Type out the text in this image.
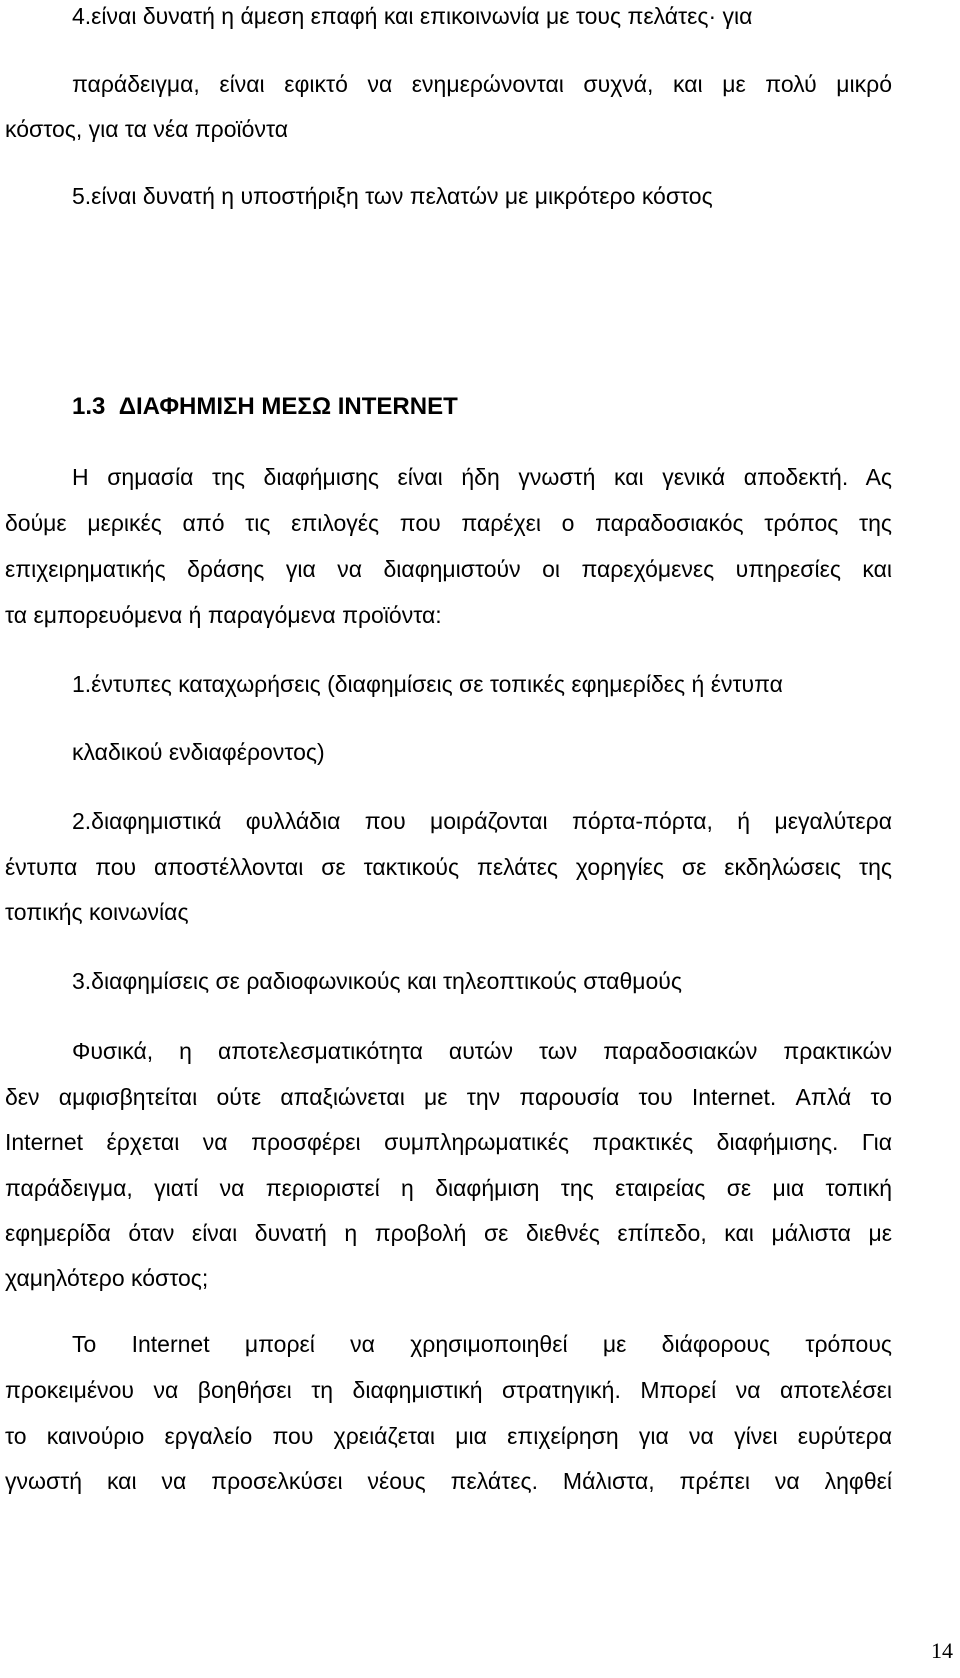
4.είναι δυνατή η άμεση επαφή και επικοινωνία με τους πελάτες· για
παράδειγμα, είναι εφικτό να ενημερώνονται συχνά, και με πολύ μικρό
κόστος, για τα νέα προϊόντα
5.είναι δυνατή η υποστήριξη των πελατών με μικρότερο κόστος
1.3 ΔΙΑΦΗΜΙΣΗ ΜΕΣΩ INTERNET
Η σημασία της διαφήμισης είναι ήδη γνωστή και γενικά αποδεκτή. Ας
δούμε μερικές από τις επιλογές που παρέχει ο παραδοσιακός τρόπος της
επιχειρηματικής δράσης για να διαφημιστούν οι παρεχόμενες υπηρεσίες και
τα εμπορευόμενα ή παραγόμενα προϊόντα:
1.έντυπες καταχωρήσεις (διαφημίσεις σε τοπικές εφημερίδες ή έντυπα
κλαδικού ενδιαφέροντος)
2.διαφημιστικά φυλλάδια που μοιράζονται πόρτα-πόρτα, ή μεγαλύτερα
έντυπα που αποστέλλονται σε τακτικούς πελάτες χορηγίες σε εκδηλώσεις της
τοπικής κοινωνίας
3.διαφημίσεις σε ραδιοφωνικούς και τηλεοπτικούς σταθμούς
Φυσικά, η αποτελεσματικότητα αυτών των παραδοσιακών πρακτικών
δεν αμφισβητείται ούτε απαξιώνεται με την παρουσία του Internet. Απλά το
Internet έρχεται να προσφέρει συμπληρωματικές πρακτικές διαφήμισης. Για
παράδειγμα, γιατί να περιοριστεί η διαφήμιση της εταιρείας σε μια τοπική
εφημερίδα όταν είναι δυνατή η προβολή σε διεθνές επίπεδο, και μάλιστα με
χαμηλότερο κόστος;
Το Internet μπορεί να χρησιμοποιηθεί με διάφορους τρόπους
προκειμένου να βοηθήσει τη διαφημιστική στρατηγική. Μπορεί να αποτελέσει
το καινούριο εργαλείο που χρειάζεται μια επιχείρηση για να γίνει ευρύτερα
γνωστή και να προσελκύσει νέους πελάτες. Μάλιστα, πρέπει να ληφθεί
14
